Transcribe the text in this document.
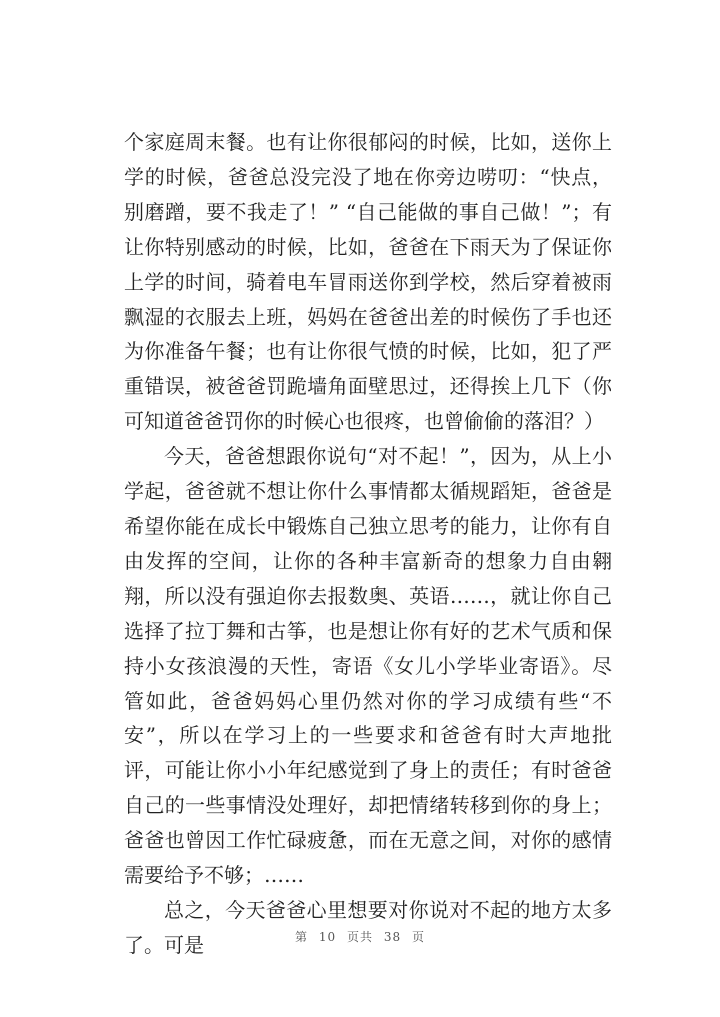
个家庭周末餐。也有让你很郁闷的时候，比如，送你上学的时候，爸爸总没完没了地在你旁边唠叨：“快点，别磨蹭，要不我走了！” “自己能做的事自己做！”；有让你特别感动的时候，比如，爸爸在下雨天为了保证你上学的时间，骑着电车冒雨送你到学校，然后穿着被雨飘湿的衣服去上班，妈妈在爸爸出差的时候伤了手也还为你准备午餐；也有让你很气愤的时候，比如，犯了严重错误，被爸爸罚跪墙角面壁思过，还得挨上几下（你可知道爸爸罚你的时候心也很疼，也曾偷偷的落泪？）

今天，爸爸想跟你说句“对不起！”，因为，从上小学起，爸爸就不想让你什么事情都太循规蹈矩，爸爸是希望你能在成长中锻炼自己独立思考的能力，让你有自由发挥的空间，让你的各种丰富新奇的想象力自由翱翔，所以没有强迫你去报数奥、英语……，就让你自己选择了拉丁舞和古筝，也是想让你有好的艺术气质和保持小女孩浪漫的天性，寄语《女儿小学毕业寄语》。尽管如此，爸爸妈妈心里仍然对你的学习成绩有些“不安”，所以在学习上的一些要求和爸爸有时大声地批评，可能让你小小年纪感觉到了身上的责任；有时爸爸自己的一些事情没处理好，却把情绪转移到你的身上；爸爸也曾因工作忙碌疲惫，而在无意之间，对你的感情需要给予不够；……

总之，今天爸爸心里想要对你说对不起的地方太多了。可是	第 10 页共 38 页
